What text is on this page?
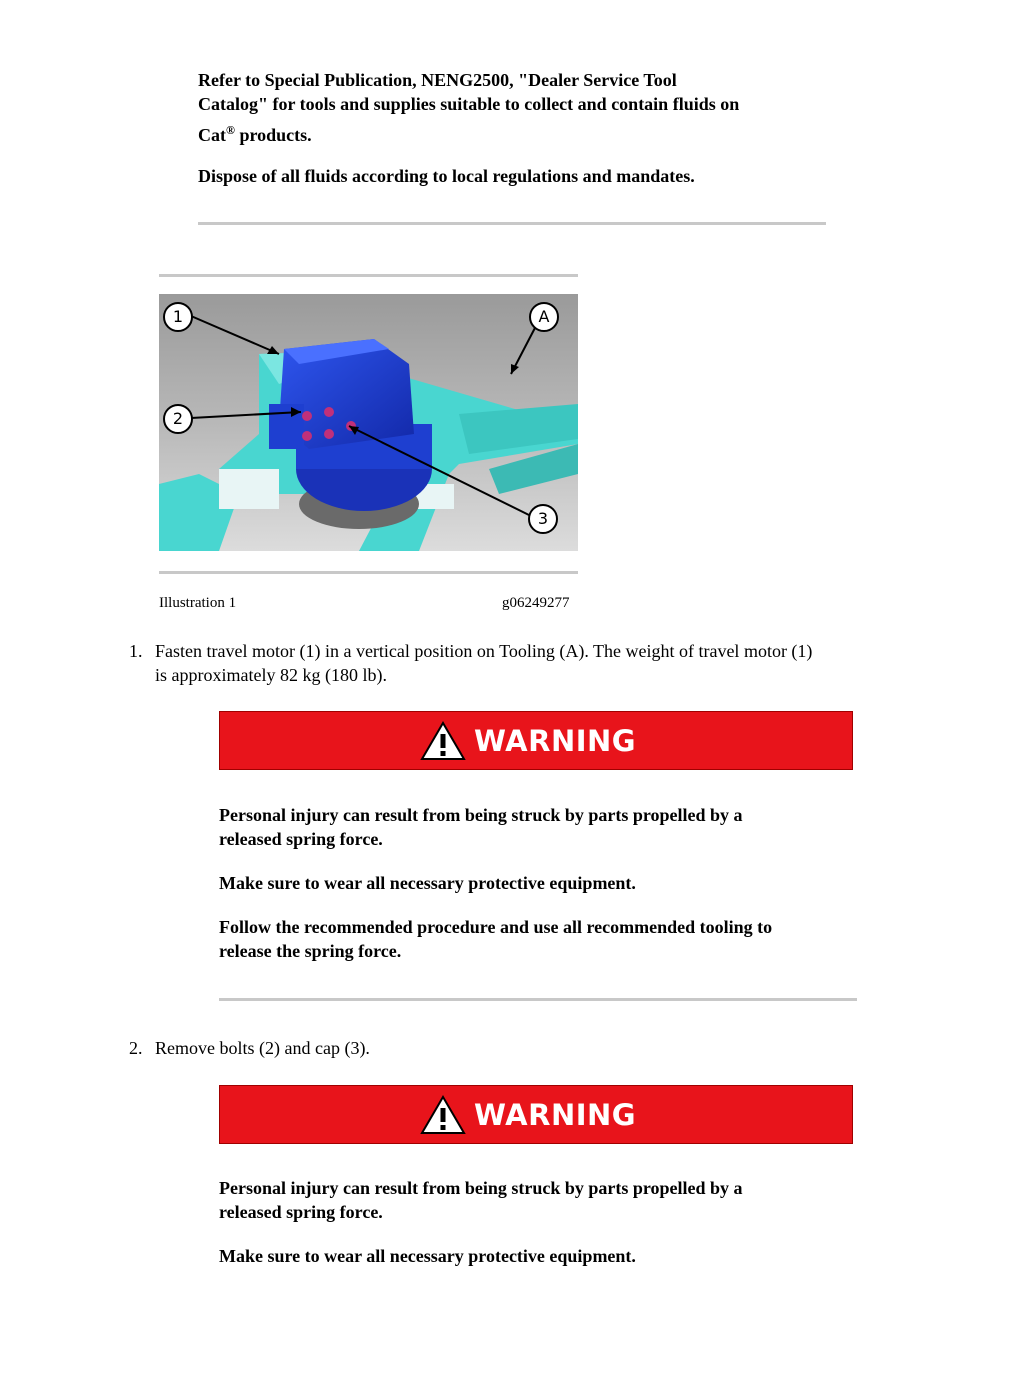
Refer to Special Publication, NENG2500, "Dealer Service Tool
Catalog" for tools and supplies suitable to collect and contain fluids on
Cat® products.
Dispose of all fluids according to local regulations and mandates.
1
2
3
A
Illustration 1	g06249277
1. Fasten travel motor (1) in a vertical position on Tooling (A). The weight of travel motor (1)
is approximately 82 kg (180 lb).
WARNING
Personal injury can result from being struck by parts propelled by a
released spring force.
Make sure to wear all necessary protective equipment.
Follow the recommended procedure and use all recommended tooling to
release the spring force.
2. Remove bolts (2) and cap (3).
WARNING
Personal injury can result from being struck by parts propelled by a
released spring force.
Make sure to wear all necessary protective equipment.
